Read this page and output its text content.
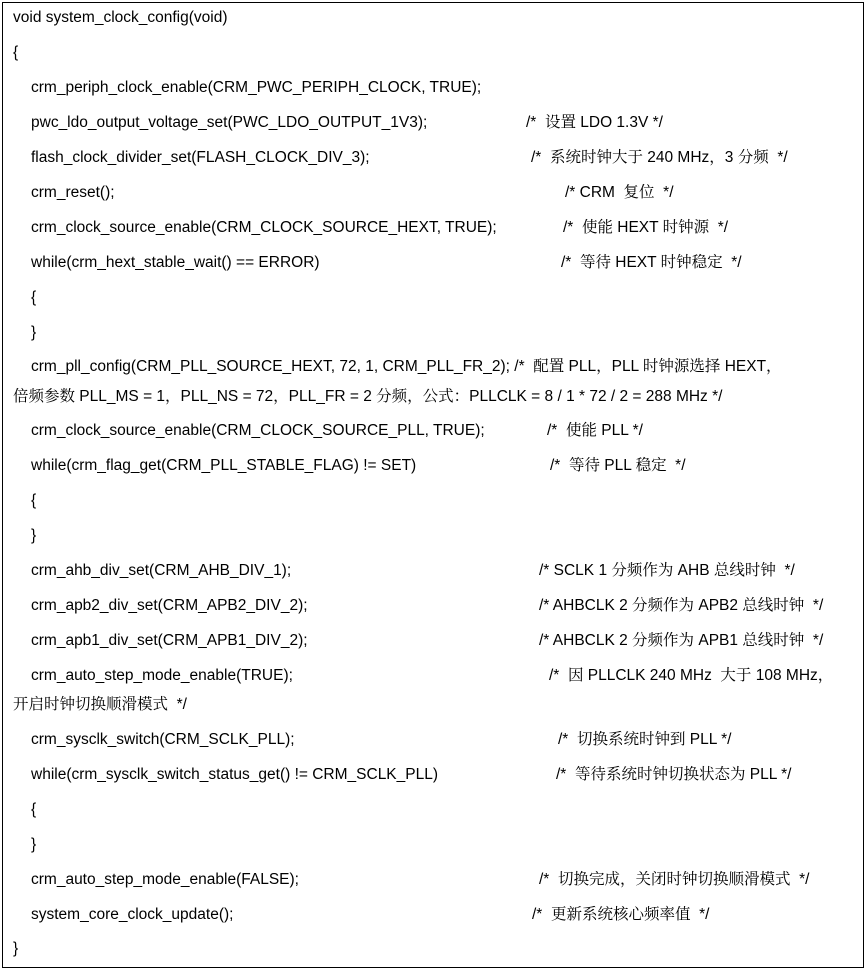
void system_clock_config(void)
{
crm_periph_clock_enable(CRM_PWC_PERIPH_CLOCK, TRUE);
pwc_ldo_output_voltage_set(PWC_LDO_OUTPUT_1V3);	/*  设置 LDO 1.3V */
flash_clock_divider_set(FLASH_CLOCK_DIV_3);	/*  系统时钟大于 240 MHz，3 分频  */
crm_reset();	/* CRM  复位  */
crm_clock_source_enable(CRM_CLOCK_SOURCE_HEXT, TRUE);	/*  使能 HEXT 时钟源  */
while(crm_hext_stable_wait() == ERROR)	/*  等待 HEXT 时钟稳定  */
{
}
crm_pll_config(CRM_PLL_SOURCE_HEXT, 72, 1, CRM_PLL_FR_2); /*  配置 PLL，PLL 时钟源选择 HEXT，
倍频参数 PLL_MS = 1，PLL_NS = 72，PLL_FR = 2 分频，公式：PLLCLK = 8 / 1 * 72 / 2 = 288 MHz */
crm_clock_source_enable(CRM_CLOCK_SOURCE_PLL, TRUE);	/*  使能 PLL */
while(crm_flag_get(CRM_PLL_STABLE_FLAG) != SET)	/*  等待 PLL 稳定  */
{
}
crm_ahb_div_set(CRM_AHB_DIV_1);	/* SCLK 1 分频作为 AHB 总线时钟  */
crm_apb2_div_set(CRM_APB2_DIV_2);	/* AHBCLK 2 分频作为 APB2 总线时钟  */
crm_apb1_div_set(CRM_APB1_DIV_2);	/* AHBCLK 2 分频作为 APB1 总线时钟  */
crm_auto_step_mode_enable(TRUE);	/*  因 PLLCLK 240 MHz  大于 108 MHz，
开启时钟切换顺滑模式  */
crm_sysclk_switch(CRM_SCLK_PLL);	/*  切换系统时钟到 PLL */
while(crm_sysclk_switch_status_get() != CRM_SCLK_PLL)	/*  等待系统时钟切换状态为 PLL */
{
}
crm_auto_step_mode_enable(FALSE);	/*  切换完成，关闭时钟切换顺滑模式  */
system_core_clock_update();	/*  更新系统核心频率值  */
}
